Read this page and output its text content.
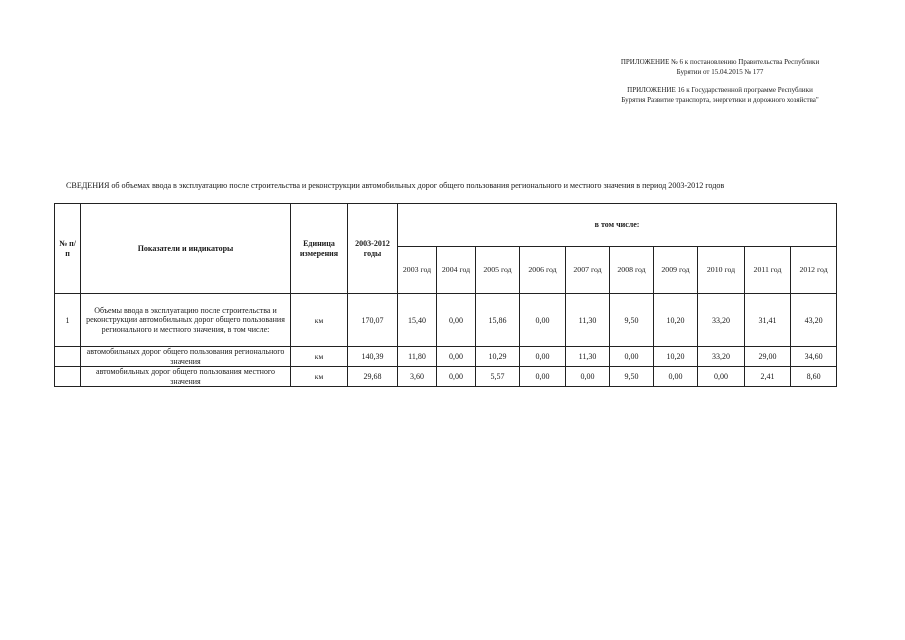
ПРИЛОЖЕНИЕ № 6 к постановлению Правительства Республики
Бурятии от 15.04.2015 № 177
ПРИЛОЖЕНИЕ 16 к Государственной программе Республики
Бурятия Развитие транспорта, энергетики и дорожного хозяйства"
СВЕДЕНИЯ об объемах ввода в эксплуатацию после строительства и реконструкции автомобильных дорог общего пользования регионального и местного значения в период 2003-2012 годов
№ п/п	Показатели и индикаторы	Единица измерения	2003-2012 годы	в том числе:									
				2003 год	2004 год	2005 год	2006 год	2007 год	2008 год	2009 год	2010 год	2011 год	2012 год
1	Объемы ввода в эксплуатацию после строительства и реконструкции автомобильных дорог общего пользования регионального и местного значения, в том числе:	км	170,07	15,40	0,00	15,86	0,00	11,30	9,50	10,20	33,20	31,41	43,20
	автомобильных дорог общего пользования регионального значения	км	140,39	11,80	0,00	10,29	0,00	11,30	0,00	10,20	33,20	29,00	34,60
	автомобильных дорог общего пользования местного значения	км	29,68	3,60	0,00	5,57	0,00	0,00	9,50	0,00	0,00	2,41	8,60
